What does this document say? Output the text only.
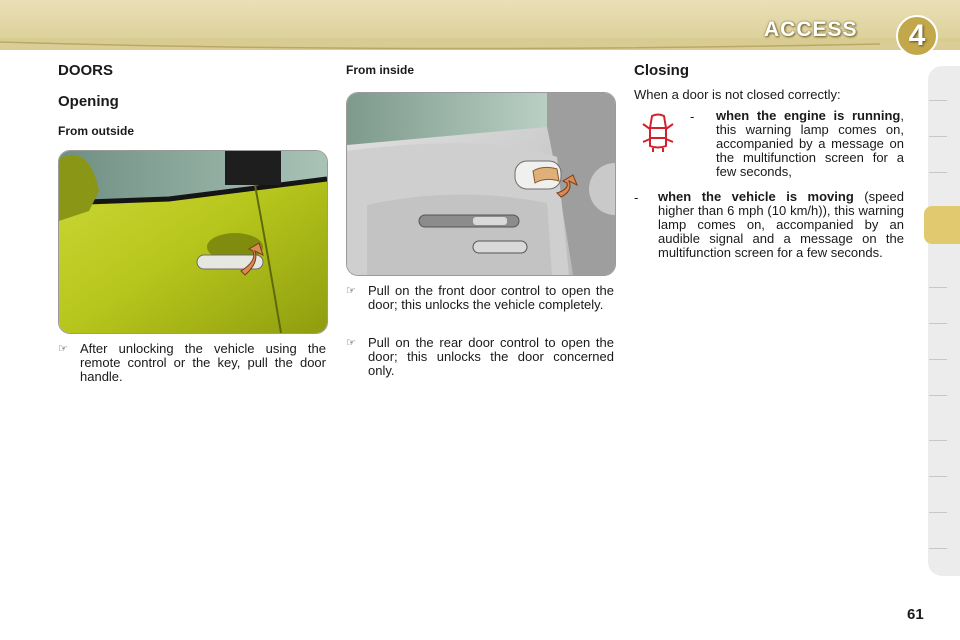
ACCESS	4
DOORS
Opening
From outside
☞ After unlocking the vehicle using the remote control or the key, pull the door handle.
From inside
☞ Pull on the front door control to open the door; this unlocks the vehicle completely.
☞ Pull on the rear door control to open the door; this unlocks the door concerned only.
Closing
When a door is not closed correctly:
- when the engine is running, this warning lamp comes on, accompanied by a message on the multifunction screen for a few seconds,
- when the vehicle is moving (speed higher than 6 mph (10 km/h)), this warning lamp comes on, accompanied by an audible signal and a message on the multifunction screen for a few seconds.
61
